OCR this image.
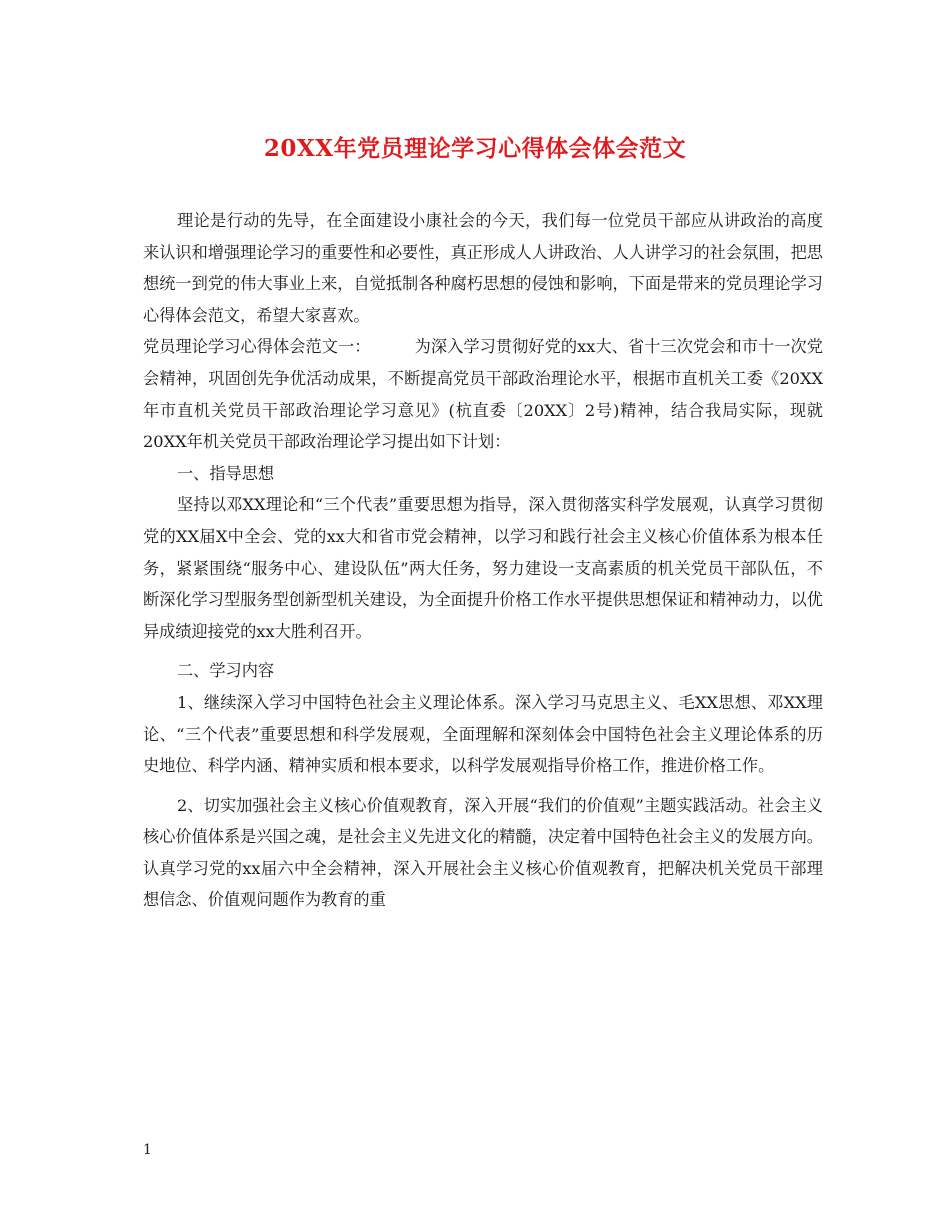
20XX年党员理论学习心得体会体会范文

理论是行动的先导，在全面建设小康社会的今天，我们每一位党员干部应从讲政治的高度来认识和增强理论学习的重要性和必要性，真正形成人人讲政治、人人讲学习的社会氛围，把思想统一到党的伟大事业上来，自觉抵制各种腐朽思想的侵蚀和影响，下面是带来的党员理论学习心得体会范文，希望大家喜欢。

党员理论学习心得体会范文一：	为深入学习贯彻好党的xx大、省十三次党会和市十一次党会精神，巩固创先争优活动成果，不断提高党员干部政治理论水平，根据市直机关工委《20XX年市直机关党员干部政治理论学习意见》(杭直委〔20XX〕2号)精神，结合我局实际，现就20XX年机关党员干部政治理论学习提出如下计划：

一、指导思想

坚持以邓XX理论和“三个代表”重要思想为指导，深入贯彻落实科学发展观，认真学习贯彻党的XX届X中全会、党的xx大和省市党会精神，以学习和践行社会主义核心价值体系为根本任务，紧紧围绕“服务中心、建设队伍”两大任务，努力建设一支高素质的机关党员干部队伍，不断深化学习型服务型创新型机关建设，为全面提升价格工作水平提供思想保证和精神动力，以优异成绩迎接党的xx大胜利召开。

二、学习内容

1、继续深入学习中国特色社会主义理论体系。深入学习马克思主义、毛XX思想、邓XX理论、“三个代表”重要思想和科学发展观，全面理解和深刻体会中国特色社会主义理论体系的历史地位、科学内涵、精神实质和根本要求，以科学发展观指导价格工作，推进价格工作。

2、切实加强社会主义核心价值观教育，深入开展“我们的价值观”主题实践活动。社会主义核心价值体系是兴国之魂，是社会主义先进文化的精髓，决定着中国特色社会主义的发展方向。认真学习党的xx届六中全会精神，深入开展社会主义核心价值观教育，把解决机关党员干部理想信念、价值观问题作为教育的重

1
